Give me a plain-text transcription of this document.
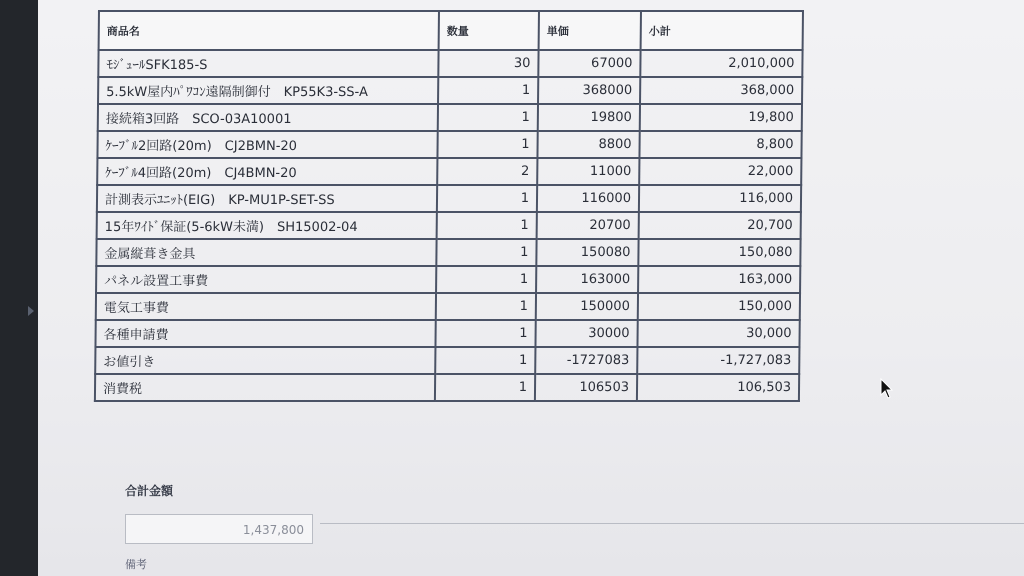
商品名	数量	単価	小計
ﾓｼﾞｭｰﾙSFK185-S	30	67000	2,010,000
5.5kW屋内ﾊﾟﾜｺﾝ遠隔制御付　KP55K3-SS-A	1	368000	368,000
接続箱3回路　SCO-03A10001	1	19800	19,800
ｹｰﾌﾞﾙ2回路(20m)　CJ2BMN-20	1	8800	8,800
ｹｰﾌﾞﾙ4回路(20m)　CJ4BMN-20	2	11000	22,000
計測表示ﾕﾆｯﾄ(EIG)　KP-MU1P-SET-SS	1	116000	116,000
15年ﾜｲﾄﾞ保証(5-6kW未満)　SH15002-04	1	20700	20,700
金属縦葺き金具	1	150080	150,080
パネル設置工事費	1	163000	163,000
電気工事費	1	150000	150,000
各種申請費	1	30000	30,000
お値引き	1	-1727083	-1,727,083
消費税	1	106503	106,503
合計金額
1,437,800
備考
